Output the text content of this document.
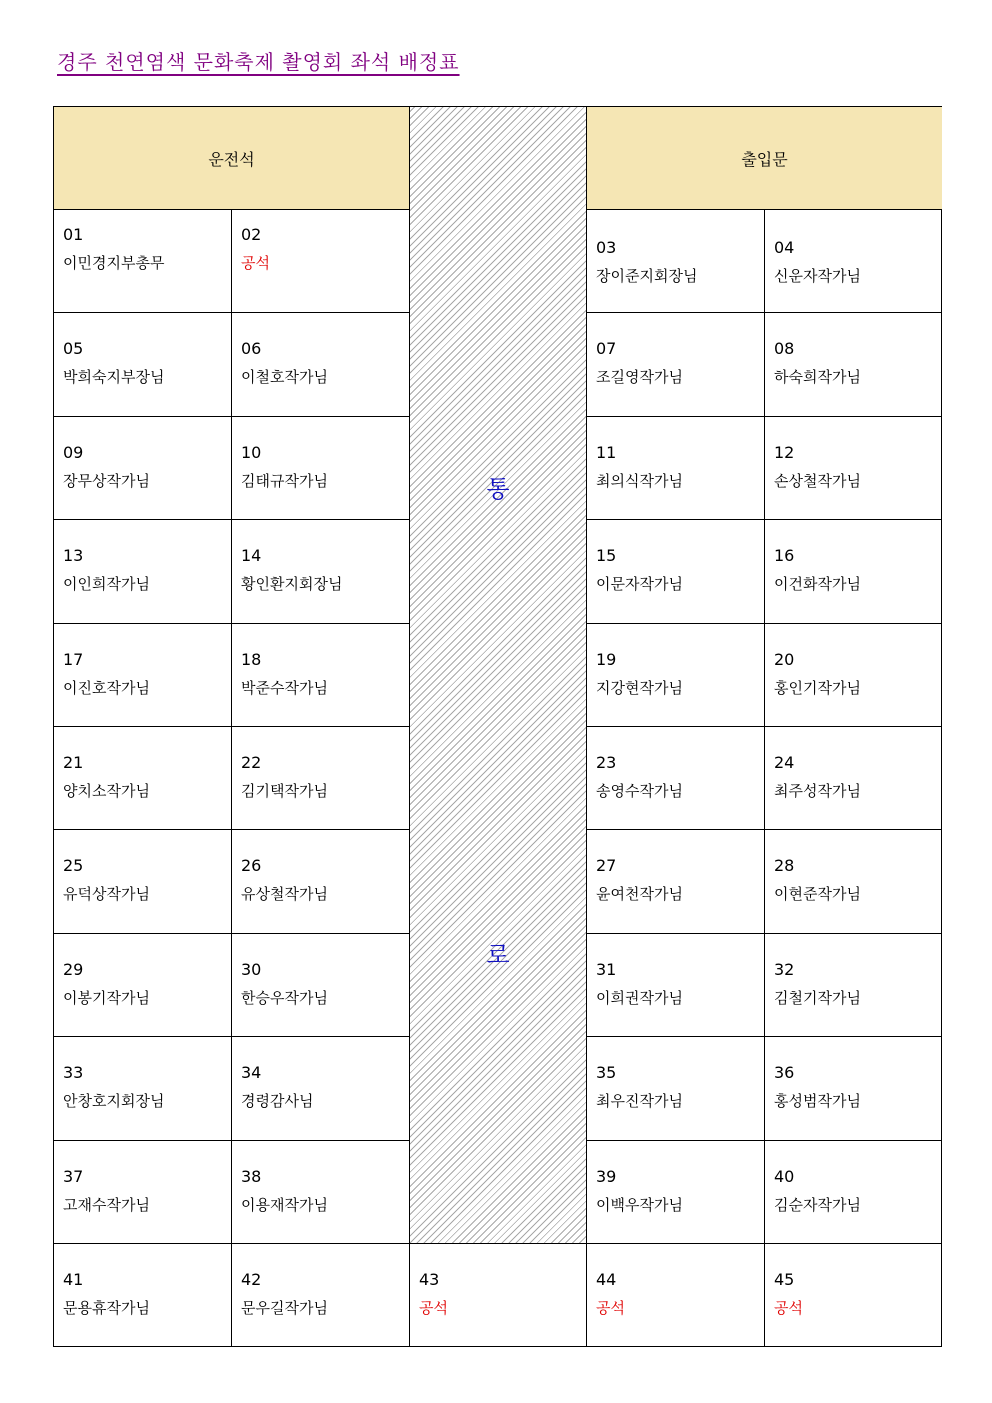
경주 천연염색 문화축제 촬영회 좌석 배정표
운전석
통
로
출입문
01
이민경지부총무
02
공석
03
장이준지회장님
04
신운자작가님
05
박희숙지부장님
06
이철호작가님
07
조길영작가님
08
하숙희작가님
09
장무상작가님
10
김태규작가님
11
최의식작가님
12
손상철작가님
13
이인희작가님
14
황인환지회장님
15
이문자작가님
16
이건화작가님
17
이진호작가님
18
박준수작가님
19
지강현작가님
20
홍인기작가님
21
양치소작가님
22
김기택작가님
23
송영수작가님
24
최주성작가님
25
유덕상작가님
26
유상철작가님
27
윤여천작가님
28
이현준작가님
29
이봉기작가님
30
한승우작가님
31
이희권작가님
32
김철기작가님
33
안창호지회장님
34
경령감사님
35
최우진작가님
36
홍성범작가님
37
고재수작가님
38
이용재작가님
39
이백우작가님
40
김순자작가님
41
문용휴작가님
42
문우길작가님
43
공석
44
공석
45
공석
